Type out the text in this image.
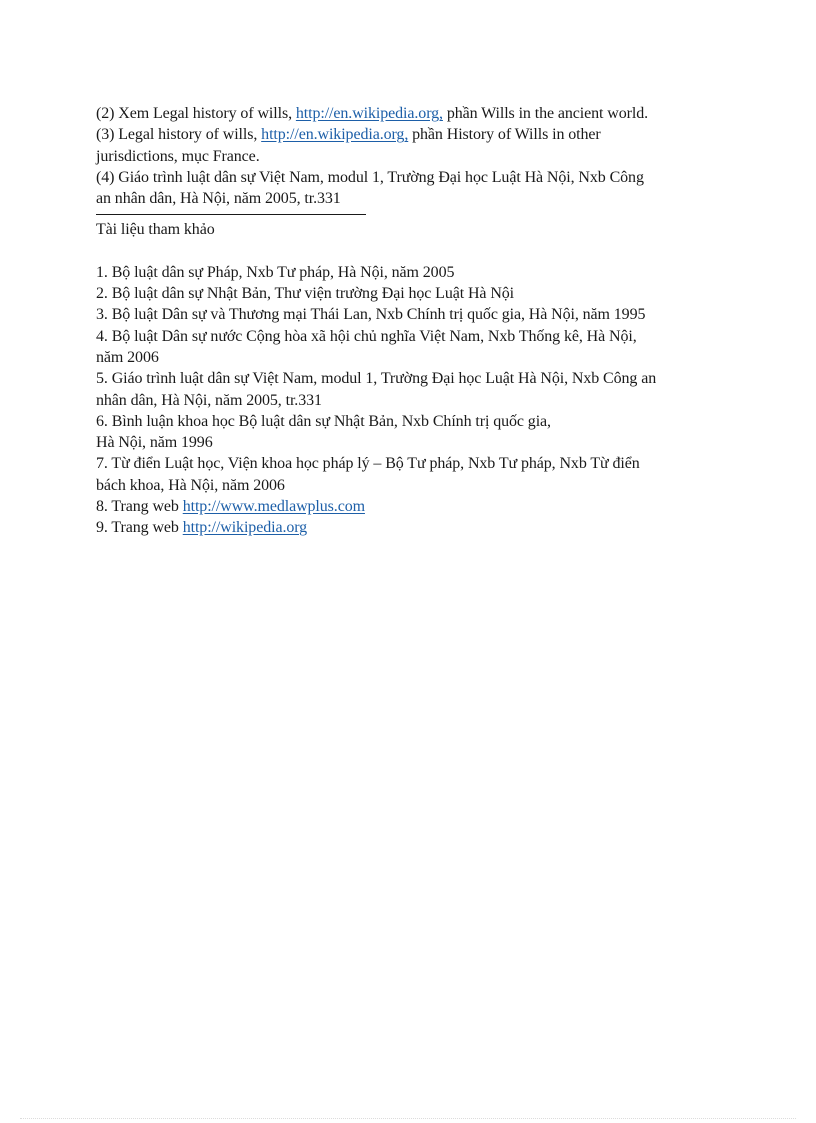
(2) Xem Legal history of wills, http://en.wikipedia.org, phần Wills in the ancient world.
(3) Legal history of wills, http://en.wikipedia.org, phần History of Wills in other
jurisdictions, mục France.
(4) Giáo trình luật dân sự Việt Nam, modul 1, Trường Đại học Luật Hà Nội, Nxb Công
an nhân dân, Hà Nội, năm 2005, tr.331
Tài liệu tham khảo
1. Bộ luật dân sự Pháp, Nxb Tư pháp, Hà Nội, năm 2005
2. Bộ luật dân sự Nhật Bản, Thư viện trường Đại học Luật Hà Nội
3. Bộ luật Dân sự và Thương mại Thái Lan, Nxb Chính trị quốc gia, Hà Nội, năm 1995
4. Bộ luật Dân sự nước Cộng hòa xã hội chủ nghĩa Việt Nam, Nxb Thống kê, Hà Nội,
năm 2006
5. Giáo trình luật dân sự Việt Nam, modul 1, Trường Đại học Luật Hà Nội, Nxb Công an
nhân dân, Hà Nội, năm 2005, tr.331
6. Bình luận khoa học Bộ luật dân sự Nhật Bản, Nxb Chính trị quốc gia,
Hà Nội, năm 1996
7. Từ điển Luật học, Viện khoa học pháp lý – Bộ Tư pháp, Nxb Tư pháp, Nxb Từ điển
bách khoa, Hà Nội, năm 2006
8. Trang web http://www.medlawplus.com
9. Trang web http://wikipedia.org
